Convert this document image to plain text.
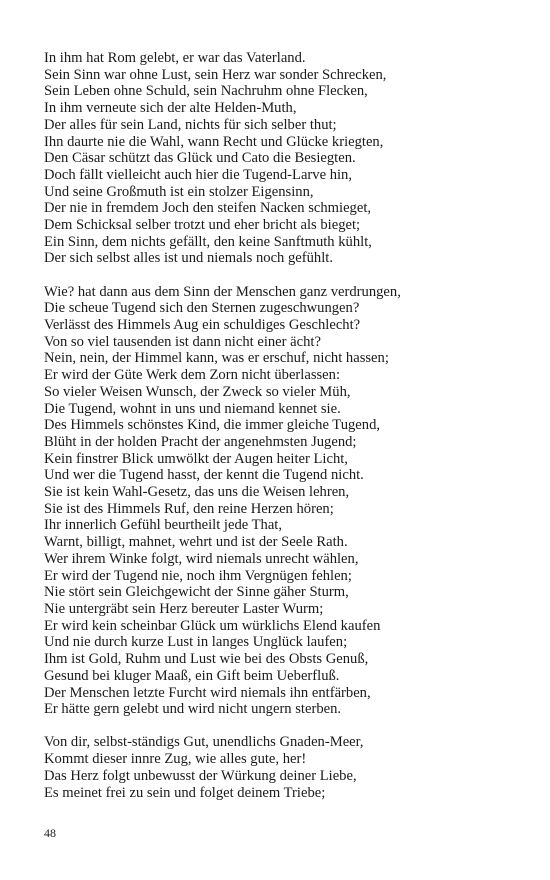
In ihm hat Rom gelebt, er war das Vaterland.
Sein Sinn war ohne Lust, sein Herz war sonder Schrecken,
Sein Leben ohne Schuld, sein Nachruhm ohne Flecken,
In ihm verneute sich der alte Helden-Muth,
Der alles für sein Land, nichts für sich selber thut;
Ihn daurte nie die Wahl, wann Recht und Glücke kriegten,
Den Cäsar schützt das Glück und Cato die Besiegten.
Doch fällt vielleicht auch hier die Tugend-Larve hin,
Und seine Großmuth ist ein stolzer Eigensinn,
Der nie in fremdem Joch den steifen Nacken schmieget,
Dem Schicksal selber trotzt und eher bricht als bieget;
Ein Sinn, dem nichts gefällt, den keine Sanftmuth kühlt,
Der sich selbst alles ist und niemals noch gefühlt.
Wie? hat dann aus dem Sinn der Menschen ganz verdrungen,
Die scheue Tugend sich den Sternen zugeschwungen?
Verlässt des Himmels Aug ein schuldiges Geschlecht?
Von so viel tausenden ist dann nicht einer ächt?
Nein, nein, der Himmel kann, was er erschuf, nicht hassen;
Er wird der Güte Werk dem Zorn nicht überlassen:
So vieler Weisen Wunsch, der Zweck so vieler Müh,
Die Tugend, wohnt in uns und niemand kennet sie.
Des Himmels schönstes Kind, die immer gleiche Tugend,
Blüht in der holden Pracht der angenehmsten Jugend;
Kein finstrer Blick umwölkt der Augen heiter Licht,
Und wer die Tugend hasst, der kennt die Tugend nicht.
Sie ist kein Wahl-Gesetz, das uns die Weisen lehren,
Sie ist des Himmels Ruf, den reine Herzen hören;
Ihr innerlich Gefühl beurtheilt jede That,
Warnt, billigt, mahnet, wehrt und ist der Seele Rath.
Wer ihrem Winke folgt, wird niemals unrecht wählen,
Er wird der Tugend nie, noch ihm Vergnügen fehlen;
Nie stört sein Gleichgewicht der Sinne gäher Sturm,
Nie untergräbt sein Herz bereuter Laster Wurm;
Er wird kein scheinbar Glück um würklichs Elend kaufen
Und nie durch kurze Lust in langes Unglück laufen;
Ihm ist Gold, Ruhm und Lust wie bei des Obsts Genuß,
Gesund bei kluger Maaß, ein Gift beim Ueberfluß.
Der Menschen letzte Furcht wird niemals ihn entfärben,
Er hätte gern gelebt und wird nicht ungern sterben.
Von dir, selbst-ständigs Gut, unendlichs Gnaden-Meer,
Kommt dieser innre Zug, wie alles gute, her!
Das Herz folgt unbewusst der Würkung deiner Liebe,
Es meinet frei zu sein und folget deinem Triebe;
48
